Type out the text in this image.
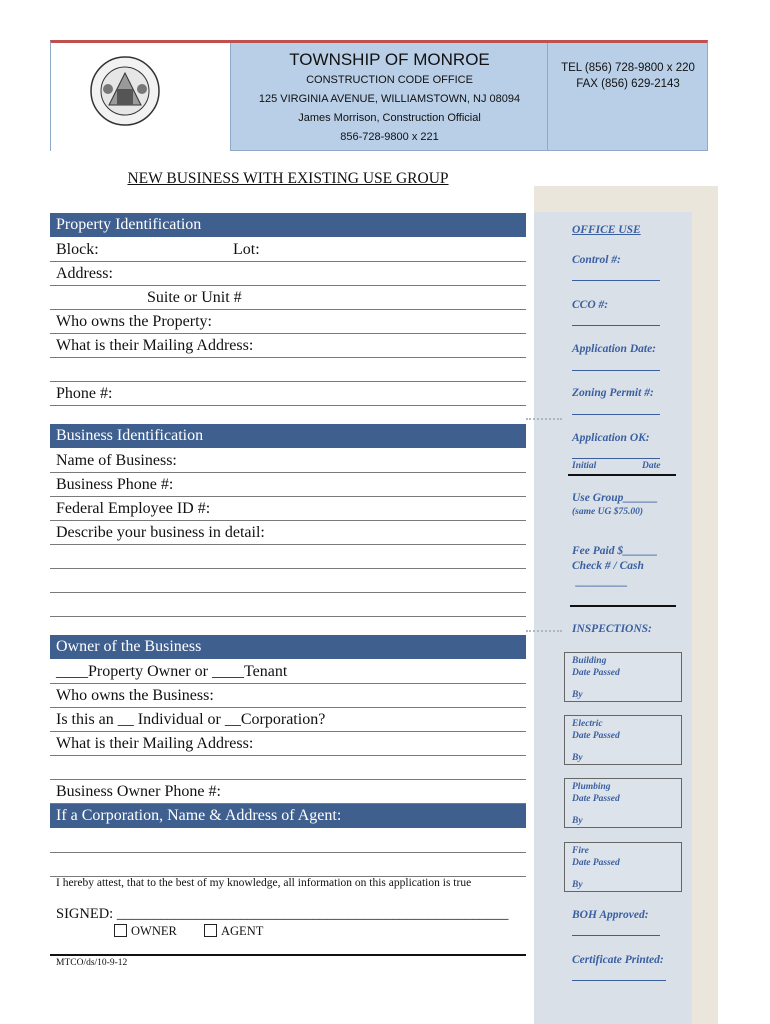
TOWNSHIP OF MONROE
CONSTRUCTION CODE OFFICE
125 VIRGINIA AVENUE, WILLIAMSTOWN, NJ 08094
James Morrison, Construction Official
856-728-9800 x 221
TEL (856) 728-9800 x 220
FAX (856) 629-2143
NEW BUSINESS WITH EXISTING USE GROUP
Property Identification
Block:	Lot:
Address:
Suite or Unit #
Who owns the Property:
What is their Mailing Address:
Phone #:
Business Identification
Name of Business:
Business Phone #:
Federal Employee ID #:
Describe your business in detail:
Owner of the Business
____Property Owner or ____Tenant
Who owns the Business:
Is this an __ Individual or __Corporation?
What is their Mailing Address:
Business Owner Phone #:
If a Corporation, Name & Address of Agent:
I hereby attest, that to the best of my knowledge, all information on this application is true
SIGNED: ______________________________________________________
OWNER	AGENT
MTCO/ds/10-9-12
OFFICE USE
Control #:
CCO #:
Application Date:
Zoning Permit #:
Application OK:
Initial	Date
Use Group______
(same UG $75.00)
Fee Paid $______
Check # / Cash
_________
INSPECTIONS:
Building
Date Passed
By
Electric
Date Passed
By
Plumbing
Date Passed
By
Fire
Date Passed
By
BOH Approved:
Certificate Printed:
